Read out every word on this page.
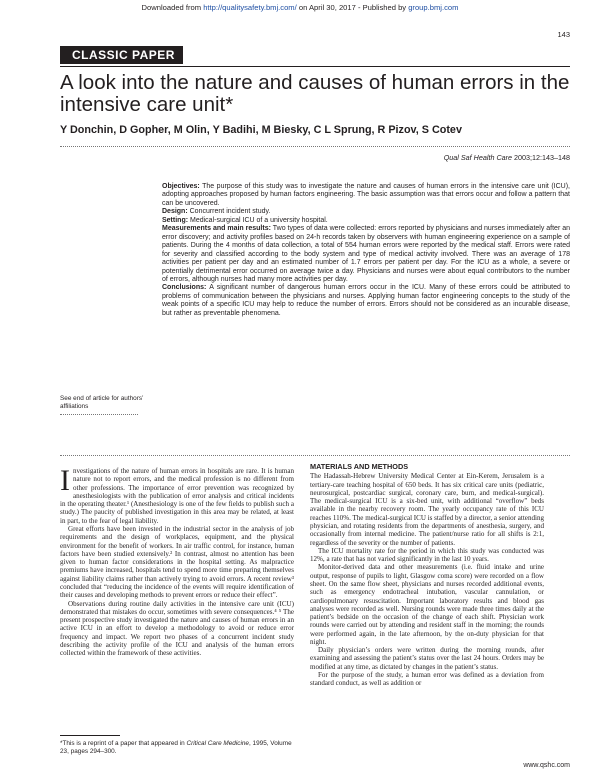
Downloaded from http://qualitysafety.bmj.com/ on April 30, 2017 - Published by group.bmj.com
143
CLASSIC PAPER
A look into the nature and causes of human errors in the intensive care unit*
Y Donchin, D Gopher, M Olin, Y Badihi, M Biesky, C L Sprung, R Pizov, S Cotev
Qual Saf Health Care 2003;12:143–148

Objectives: The purpose of this study was to investigate the nature and causes of human errors in the intensive care unit (ICU), adopting approaches proposed by human factors engineering. The basic assumption was that errors occur and follow a pattern that can be uncovered.

Design: Concurrent incident study.

Setting: Medical-surgical ICU of a university hospital.

Measurements and main results: Two types of data were collected: errors reported by physicians and nurses immediately after an error discovery; and activity profiles based on 24-h records taken by observers with human engineering experience on a sample of patients. During the 4 months of data collection, a total of 554 human errors were reported by the medical staff. Errors were rated for severity and classified according to the body system and type of medical activity involved. There was an average of 178 activities per patient per day and an estimated number of 1.7 errors per patient per day. For the ICU as a whole, a severe or potentially detrimental error occurred on average twice a day. Physicians and nurses were about equal contributors to the number of errors, although nurses had many more activities per day.

Conclusions: A significant number of dangerous human errors occur in the ICU. Many of these errors could be attributed to problems of communication between the physicians and nurses. Applying human factor engineering concepts to the study of the weak points of a specific ICU may help to reduce the number of errors. Errors should not be considered as an incurable disease, but rather as preventable phenomena.

See end of article for authors’ affiliations

Investigations of the nature of human errors in hospitals are rare. It is human nature not to report errors, and the medical profession is no different from other professions. The importance of error prevention was recognized by anesthesiologists with the publication of error analysis and critical incidents in the operating theater.¹ (Anesthesiology is one of the few fields to publish such a study.) The paucity of published investigation in this area may be related, at least in part, to the fear of legal liability.

Great efforts have been invested in the industrial sector in the analysis of job requirements and the design of workplaces, equipment, and the physical environment for the benefit of workers. In air traffic control, for instance, human factors have been studied extensively.² In contrast, almost no attention has been given to human factor considerations in the hospital setting. As malpractice premiums have increased, hospitals tend to spend more time preparing themselves against liability claims rather than actively trying to avoid errors. A recent review³ concluded that “reducing the incidence of the events will require identification of their causes and developing methods to prevent errors or reduce their effect”.

Observations during routine daily activities in the intensive care unit (ICU) demonstrated that mistakes do occur, sometimes with severe consequences.⁴ ⁵ The present prospective study investigated the nature and causes of human errors in an active ICU in an effort to develop a methodology to avoid or reduce error frequency and impact. We report two phases of a concurrent incident study describing the activity profile of the ICU and analysis of the human errors collected within the framework of these activities.

*This is a reprint of a paper that appeared in Critical Care Medicine, 1995, Volume 23, pages 294–300.
MATERIALS AND METHODS

The Hadassah-Hebrew University Medical Center at Ein-Kerem, Jerusalem is a tertiary-care teaching hospital of 650 beds. It has six critical care units (pediatric, neurosurgical, postcardiac surgical, coronary care, burn, and medical-surgical). The medical-surgical ICU is a six-bed unit, with additional “overflow” beds available in the nearby recovery room. The yearly occupancy rate of this ICU reaches 110%. The medical-surgical ICU is staffed by a director, a senior attending physician, and rotating residents from the departments of anesthesia, surgery, and occasionally from internal medicine. The patient/nurse ratio for all shifts is 2:1, regardless of the severity or the number of patients.

The ICU mortality rate for the period in which this study was conducted was 12%, a rate that has not varied significantly in the last 10 years.

Monitor-derived data and other measurements (i.e. fluid intake and urine output, response of pupils to light, Glasgow coma score) were recorded on a flow sheet. On the same flow sheet, physicians and nurses recorded additional events, such as emergency endotracheal intubation, vascular cannulation, or cardiopulmonary resuscitation. Important laboratory results and blood gas analyses were recorded as well. Nursing rounds were made three times daily at the patient’s bedside on the occasion of the change of each shift. Physician work rounds were carried out by attending and resident staff in the morning; the rounds were performed again, in the late afternoon, by the on-duty physician for that night.

Daily physician’s orders were written during the morning rounds, after examining and assessing the patient’s status over the last 24 hours. Orders may be modified at any time, as dictated by changes in the patient’s status.

For the purpose of the study, a human error was defined as a deviation from standard conduct, as well as addition or

www.qshc.com
